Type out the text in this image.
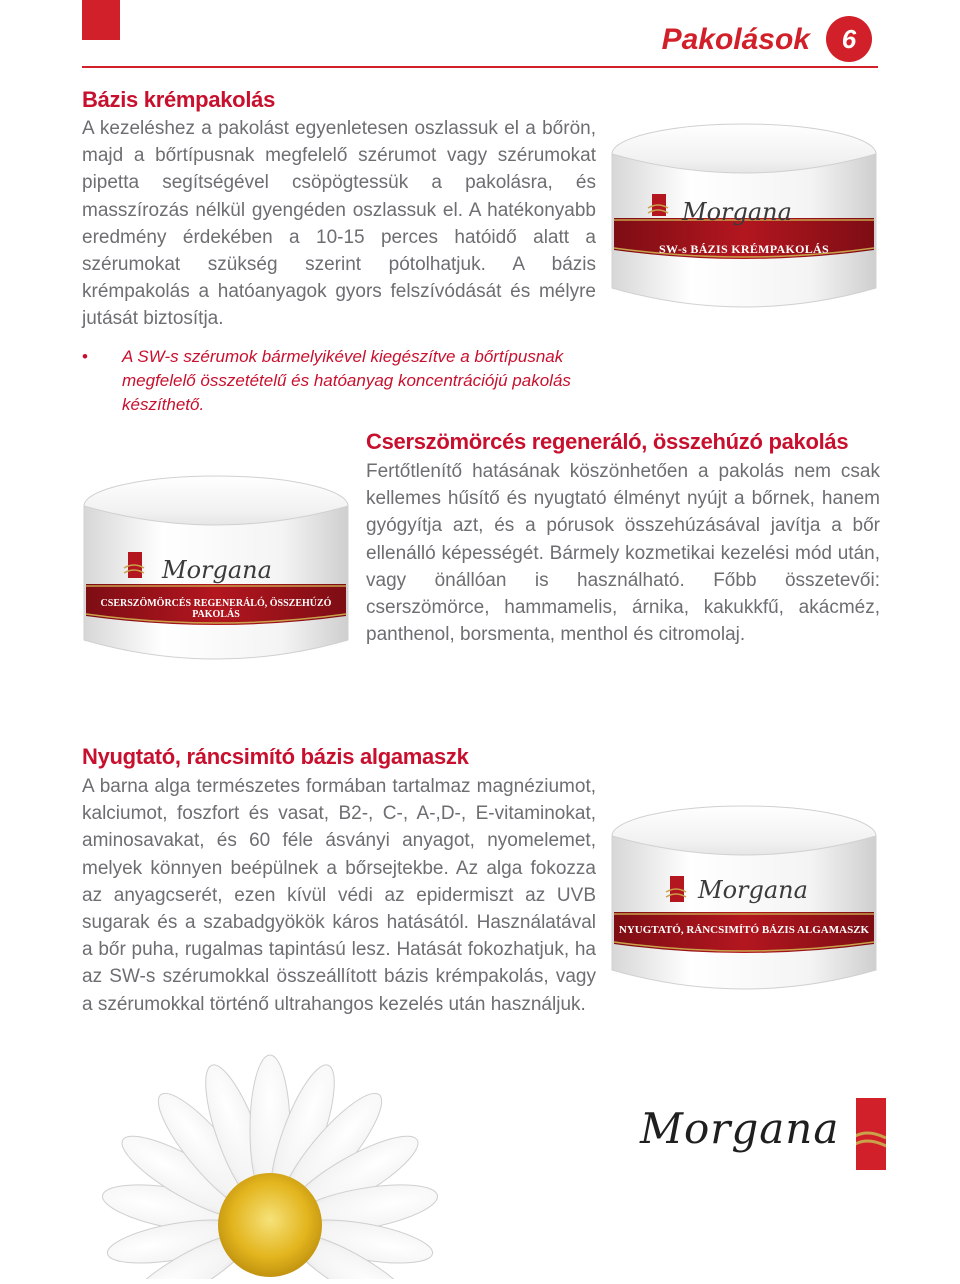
Pakolások 6
Bázis krémpakolás
A kezeléshez a pakolást egyenletesen oszlassuk el a bőrön, majd a bőrtípusnak megfelelő szérumot vagy szérumokat pipetta segítségével csöpögtessük a pakolásra, és masszírozás nélkül gyengéden oszlassuk el. A hatékonyabb eredmény érdekében a 10-15 perces hatóidő alatt a szérumokat szükség szerint pótolhatjuk. A bázis krémpakolás a hatóanyagok gyors felszívódását és mélyre jutását biztosítja.
• A SW-s szérumok bármelyikével kiegészítve a bőrtípusnak megfelelő összetételű és hatóanyag koncentrációjú pakolás készíthető.
Morgana
SW-s BÁZIS KRÉMPAKOLÁS
Morgana
CSERSZÖMÖRCÉS REGENERÁLÓ, ÖSSZEHÚZÓ PAKOLÁS
Cserszömörcés regeneráló, összehúzó pakolás
Fertőtlenítő hatásának köszönhetően a pakolás nem csak kellemes hűsítő és nyugtató élményt nyújt a bőrnek, hanem gyógyítja azt, és a pórusok összehúzásával javítja a bőr ellenálló képességét. Bármely kozmetikai kezelési mód után, vagy önállóan is használható. Főbb összetevői: cserszömörce, hammamelis, árnika, kakukkfű, akácméz, panthenol, borsmenta, menthol és citromolaj.
Nyugtató, ráncsimító bázis algamaszk
A barna alga természetes formában tartalmaz magnéziumot, kalciumot, foszfort és vasat, B2-, C-, A-,D-, E-vitaminokat, aminosavakat, és 60 féle ásványi anyagot, nyomelemet, melyek könnyen beépülnek a bőrsejtekbe. Az alga fokozza az anyagcserét, ezen kívül védi az epidermiszt az UVB sugarak és a szabadgyökök káros hatásától. Használatával a bőr puha, rugalmas tapintású lesz. Hatását fokozhatjuk, ha az SW-s szérumokkal összeállított bázis krémpakolás, vagy a szérumokkal történő ultrahangos kezelés után használjuk.
Morgana
NYUGTATÓ, RÁNCSIMÍTÓ BÁZIS ALGAMASZK
Morgana
